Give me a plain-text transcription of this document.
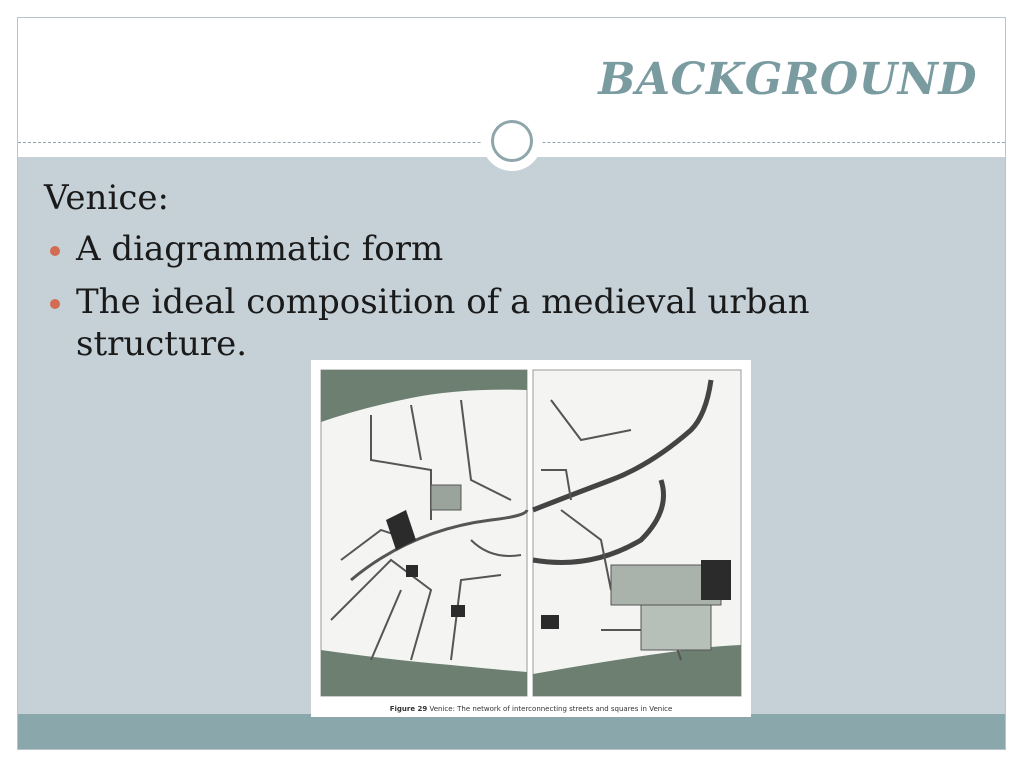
BACKGROUND

Venice:

A diagrammatic form
The ideal composition of a medieval urban structure.
Figure 29 Venice: The network of interconnecting streets and squares in Venice
